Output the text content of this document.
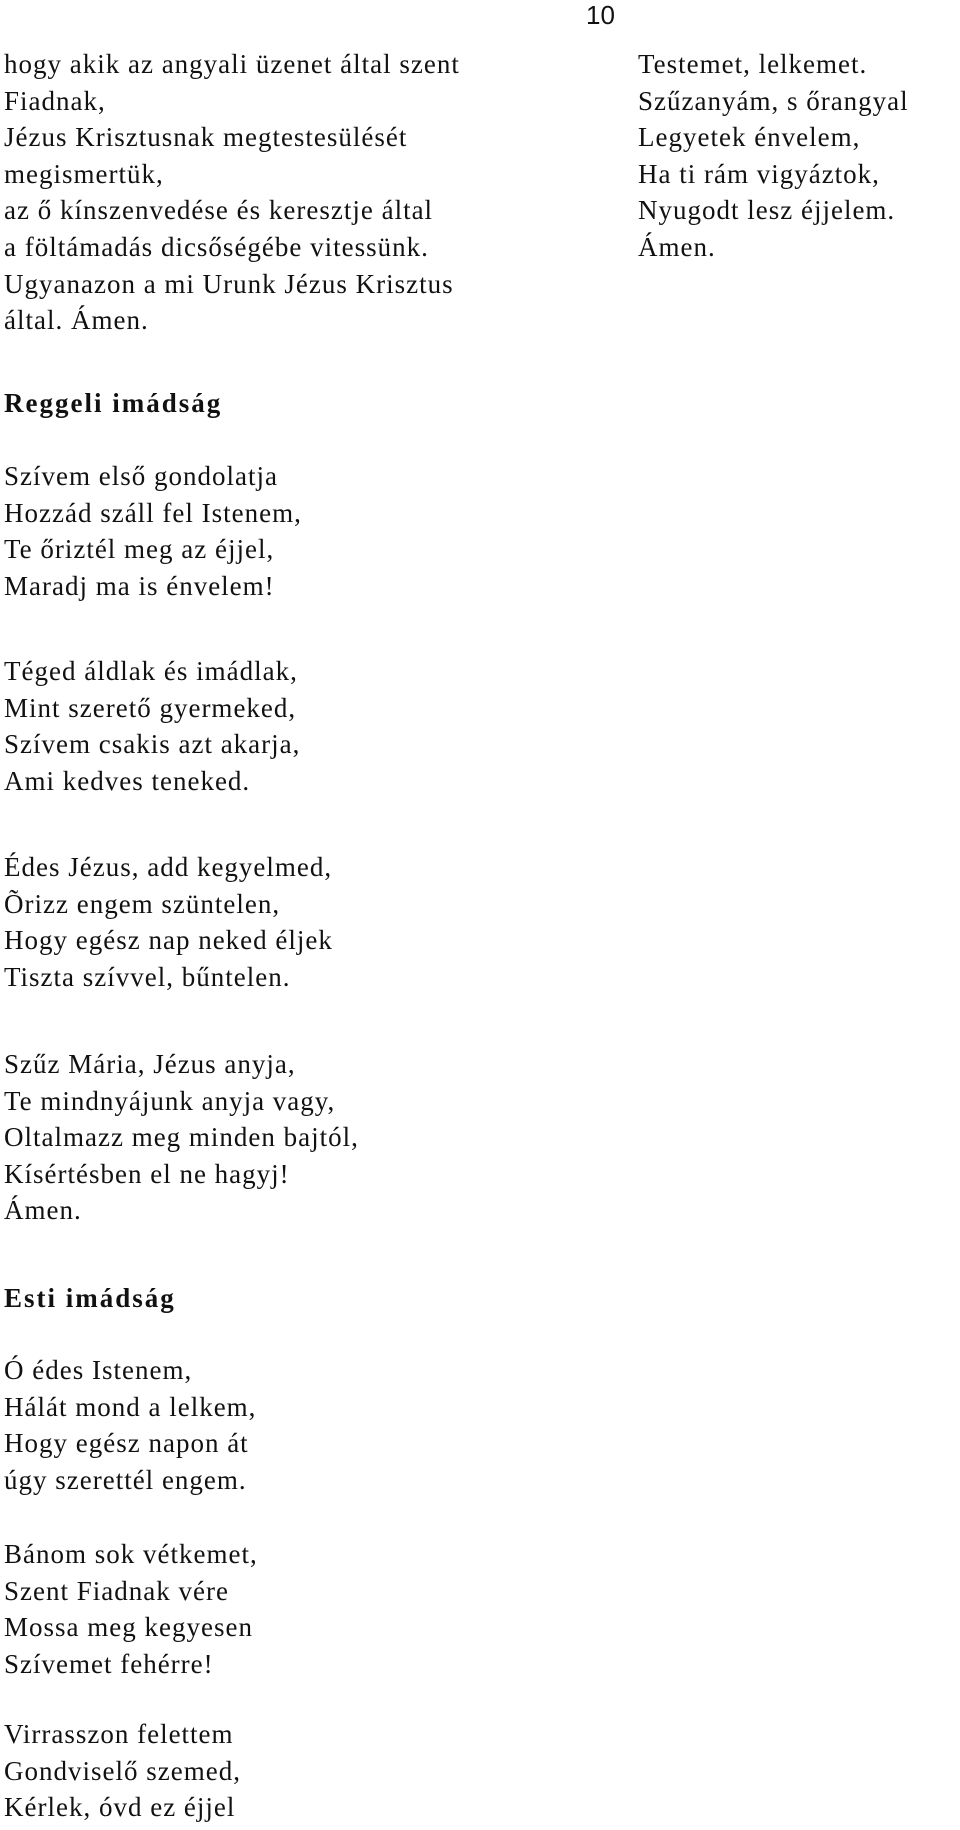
10
hogy akik az angyali üzenet által szent
Fiadnak,
Jézus Krisztusnak megtestesülését
megismertük,
az ő kínszenvedése és keresztje által
a föltámadás dicsőségébe vitessünk.
Ugyanazon a mi Urunk Jézus Krisztus
által. Ámen.
Testemet, lelkemet.
Szűzanyám, s őrangyal
Legyetek énvelem,
Ha ti rám vigyáztok,
Nyugodt lesz éjjelem.
Ámen.
Reggeli imádság
Szívem első gondolatja
Hozzád száll fel Istenem,
Te őriztél meg az éjjel,
Maradj ma is énvelem!
Téged áldlak és imádlak,
Mint szerető gyermeked,
Szívem csakis azt akarja,
Ami kedves teneked.
Édes Jézus, add kegyelmed,
Õrizz engem szüntelen,
Hogy egész nap neked éljek
Tiszta szívvel, bűntelen.
Szűz Mária, Jézus anyja,
Te mindnyájunk anyja vagy,
Oltalmazz meg minden bajtól,
Kísértésben el ne hagyj!
Ámen.
Esti imádság
Ó édes Istenem,
Hálát mond a lelkem,
Hogy egész napon át
úgy szerettél engem.
Bánom sok vétkemet,
Szent Fiadnak vére
Mossa meg kegyesen
Szívemet fehérre!
Virrasszon felettem
Gondviselő szemed,
Kérlek, óvd ez éjjel
